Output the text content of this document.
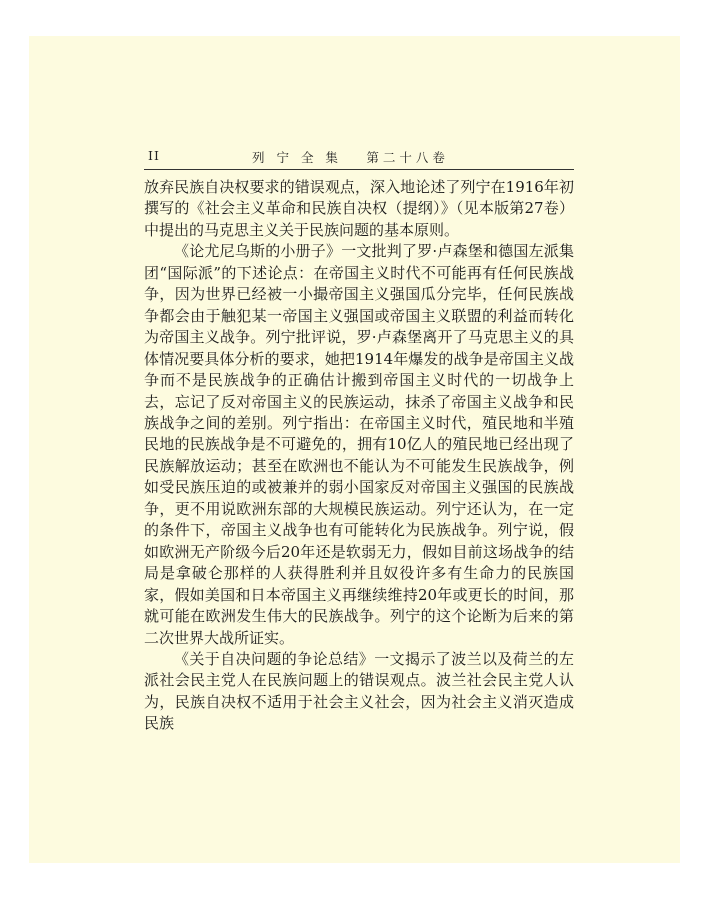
II	列 宁 全 集　 第二十八卷

放弃民族自决权要求的错误观点，深入地论述了列宁在1916年初撰写的《社会主义革命和民族自决权（提纲）》（见本版第27卷）中提出的马克思主义关于民族问题的基本原则。

《论尤尼乌斯的小册子》一文批判了罗·卢森堡和德国左派集团“国际派”的下述论点：在帝国主义时代不可能再有任何民族战争，因为世界已经被一小撮帝国主义强国瓜分完毕，任何民族战争都会由于触犯某一帝国主义强国或帝国主义联盟的利益而转化为帝国主义战争。列宁批评说，罗·卢森堡离开了马克思主义的具体情况要具体分析的要求，她把1914年爆发的战争是帝国主义战争而不是民族战争的正确估计搬到帝国主义时代的一切战争上去，忘记了反对帝国主义的民族运动，抹杀了帝国主义战争和民族战争之间的差别。列宁指出：在帝国主义时代，殖民地和半殖民地的民族战争是不可避免的，拥有10亿人的殖民地已经出现了民族解放运动；甚至在欧洲也不能认为不可能发生民族战争，例如受民族压迫的或被兼并的弱小国家反对帝国主义强国的民族战争，更不用说欧洲东部的大规模民族运动。列宁还认为，在一定的条件下，帝国主义战争也有可能转化为民族战争。列宁说，假如欧洲无产阶级今后20年还是软弱无力，假如目前这场战争的结局是拿破仑那样的人获得胜利并且奴役许多有生命力的民族国家，假如美国和日本帝国主义再继续维持20年或更长的时间，那就可能在欧洲发生伟大的民族战争。列宁的这个论断为后来的第二次世界大战所证实。

《关于自决问题的争论总结》一文揭示了波兰以及荷兰的左派社会民主党人在民族问题上的错误观点。波兰社会民主党人认为，民族自决权不适用于社会主义社会，因为社会主义消灭造成民族
